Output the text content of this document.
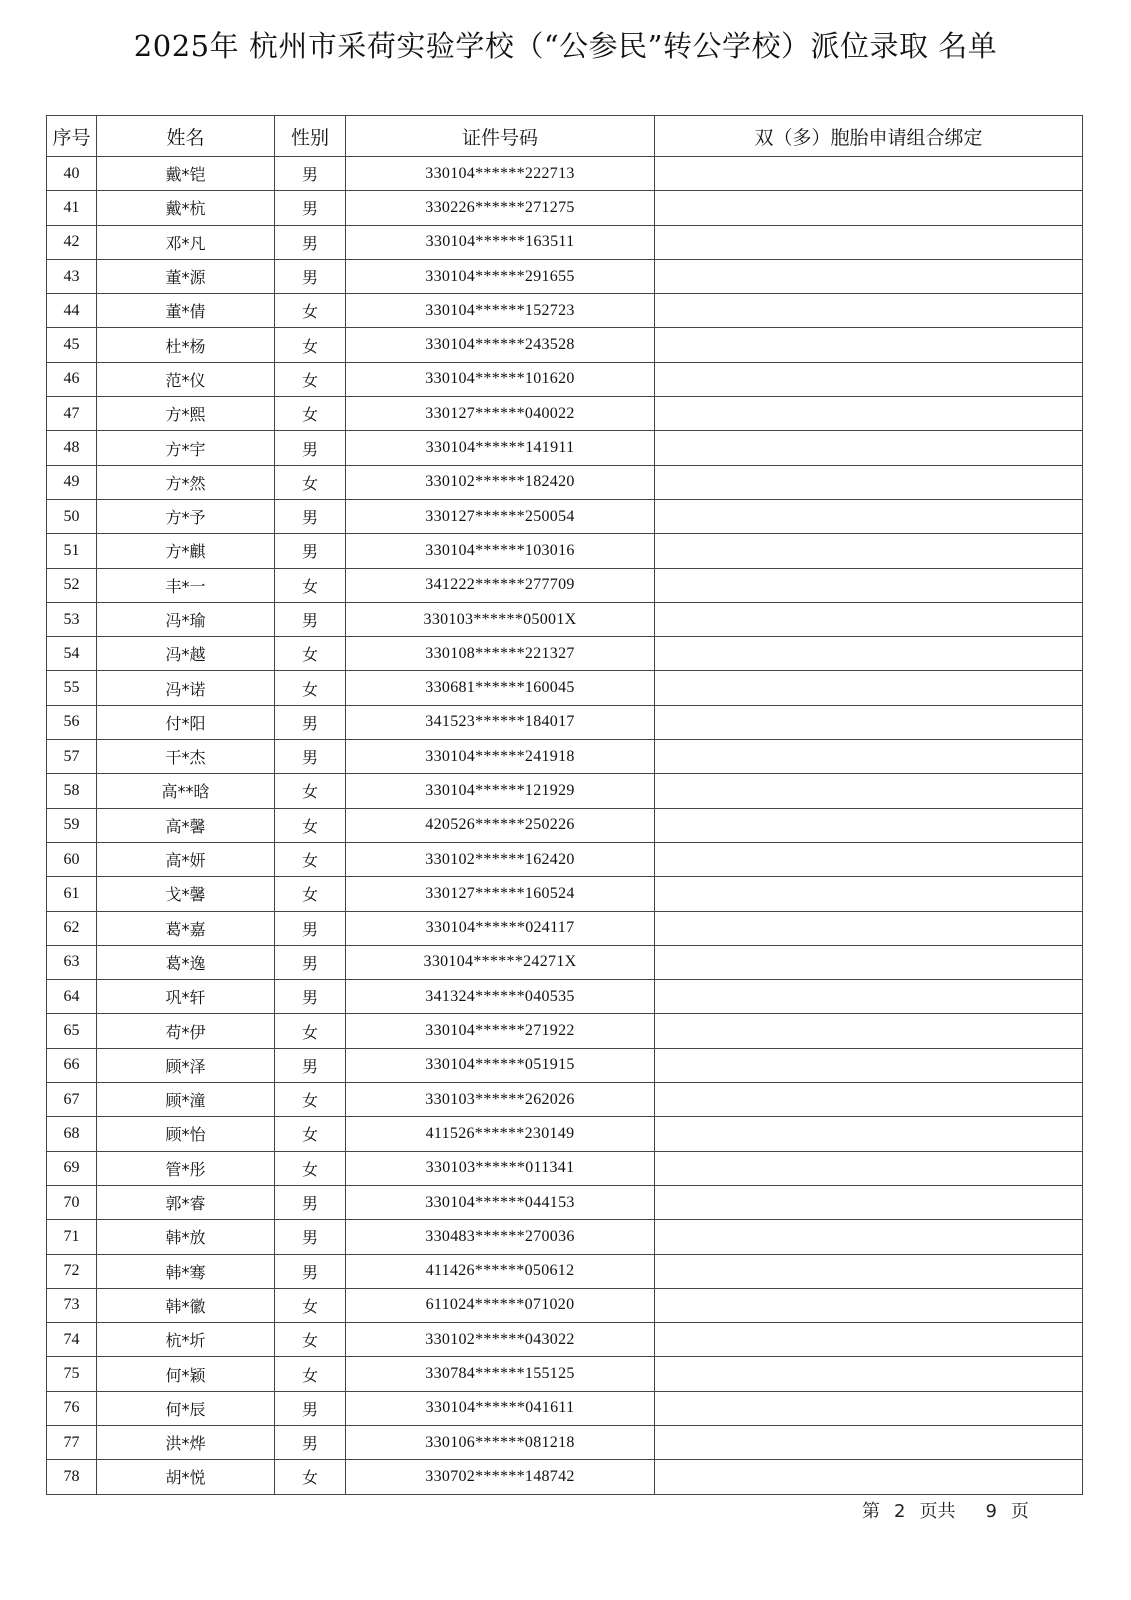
2025年 杭州市采荷实验学校（“公参民”转公学校）派位录取 名单
序号	姓名	性别	证件号码	双（多）胞胎申请组合绑定
40	戴*铠	男	330104******222713	
41	戴*杭	男	330226******271275	
42	邓*凡	男	330104******163511	
43	董*源	男	330104******291655	
44	董*倩	女	330104******152723	
45	杜*杨	女	330104******243528	
46	范*仪	女	330104******101620	
47	方*熙	女	330127******040022	
48	方*宇	男	330104******141911	
49	方*然	女	330102******182420	
50	方*予	男	330127******250054	
51	方*麒	男	330104******103016	
52	丰*一	女	341222******277709	
53	冯*瑜	男	330103******05001X	
54	冯*越	女	330108******221327	
55	冯*诺	女	330681******160045	
56	付*阳	男	341523******184017	
57	干*杰	男	330104******241918	
58	高**晗	女	330104******121929	
59	高*馨	女	420526******250226	
60	高*妍	女	330102******162420	
61	戈*馨	女	330127******160524	
62	葛*嘉	男	330104******024117	
63	葛*逸	男	330104******24271X	
64	巩*轩	男	341324******040535	
65	苟*伊	女	330104******271922	
66	顾*泽	男	330104******051915	
67	顾*潼	女	330103******262026	
68	顾*怡	女	411526******230149	
69	管*彤	女	330103******011341	
70	郭*睿	男	330104******044153	
71	韩*放	男	330483******270036	
72	韩*骞	男	411426******050612	
73	韩*徽	女	611024******071020	
74	杭*圻	女	330102******043022	
75	何*颖	女	330784******155125	
76	何*辰	男	330104******041611	
77	洪*烨	男	330106******081218	
78	胡*悦	女	330702******148742	
第 2 页共 9 页
